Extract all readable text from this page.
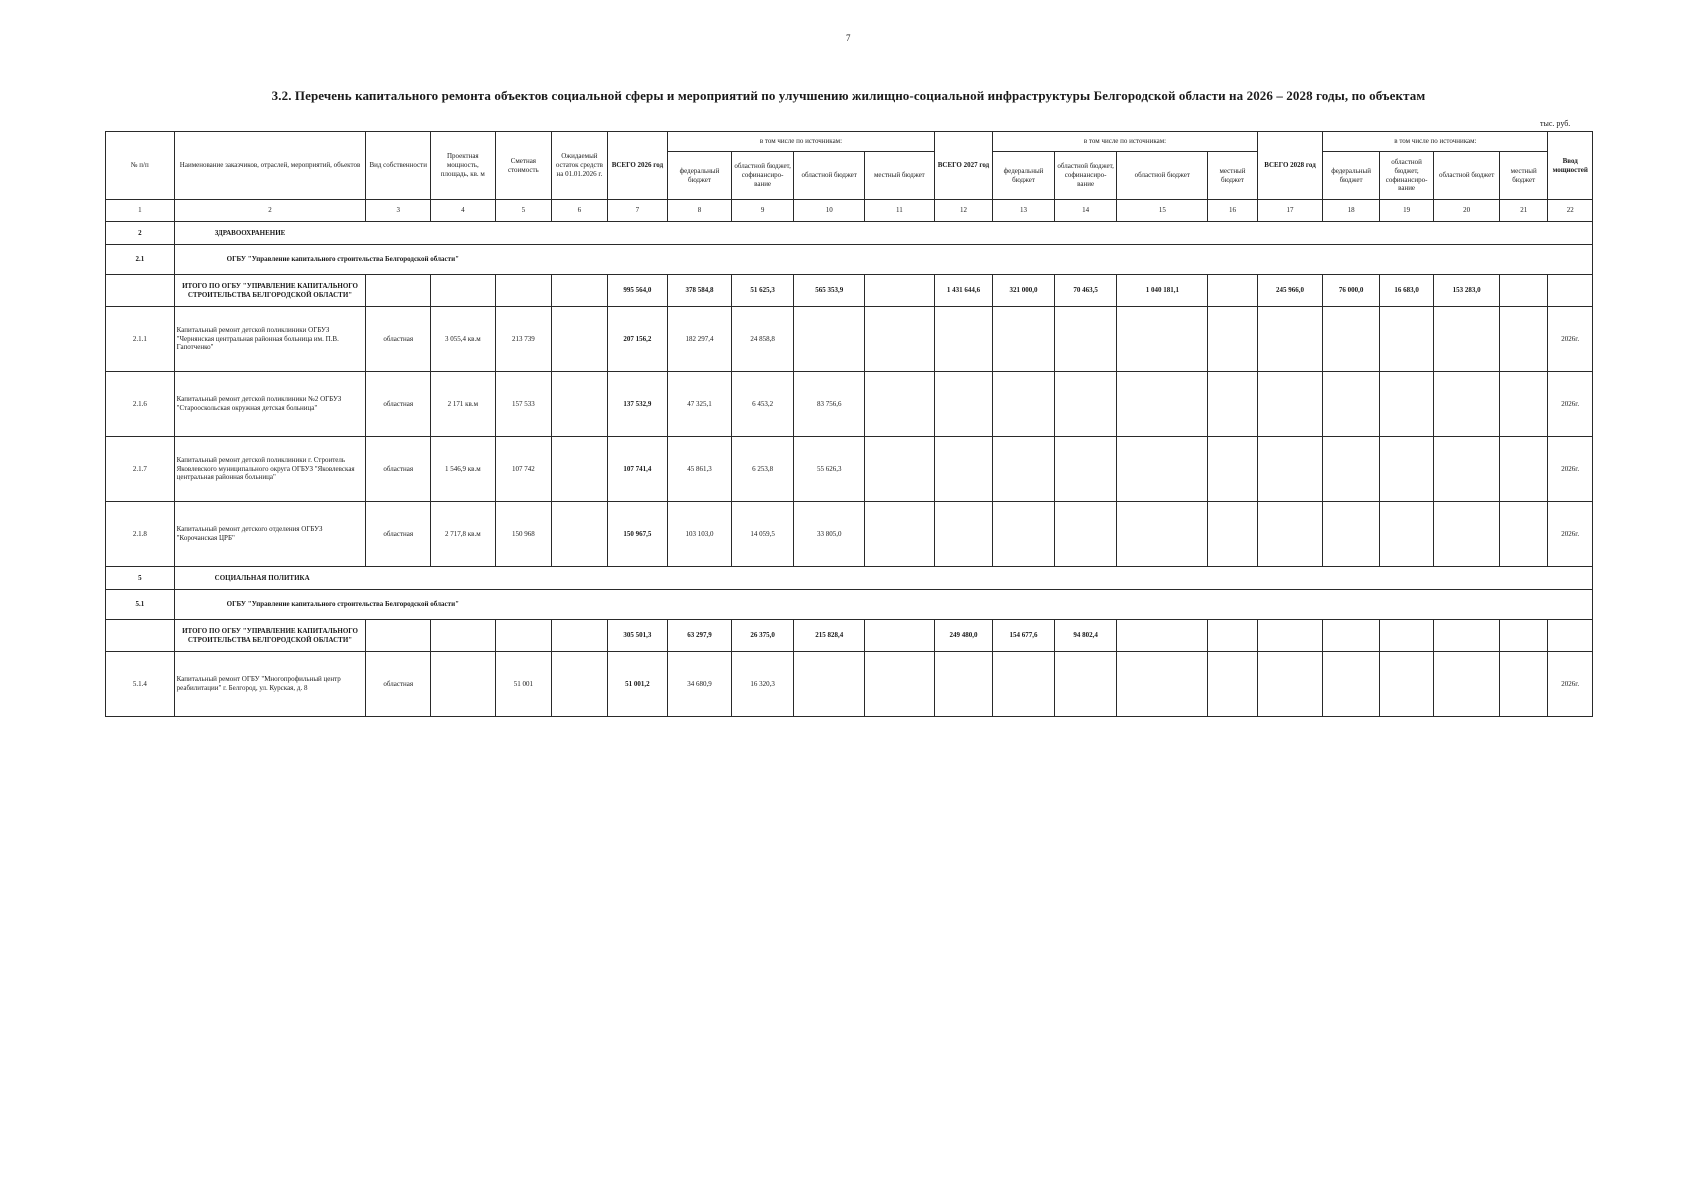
7
3.2. Перечень капитального ремонта объектов социальной сферы и мероприятий по улучшению жилищно-социальной инфраструктуры Белгородской области на 2026 – 2028 годы, по объектам
тыс. руб.
№ п/п	Наименование заказчиков, отраслей, мероприятий, объектов	Вид собственности	Проектная мощность, площадь, кв. м	Сметная стоимость	Ожидаемый остаток средств на 01.01.2026 г.	ВСЕГО 2026 год	в том числе по источникам:				ВСЕГО 2027 год	в том числе по источникам:				ВСЕГО 2028 год	в том числе по источникам:				Ввод мощностей
							федеральный бюджет	областной бюджет, софинансиро-вание	областной бюджет	местный бюджет		федеральный бюджет	областной бюджет, софинансиро-вание	областной бюджет	местный бюджет		федеральный бюджет	областной бюджет, софинансиро-вание	областной бюджет	местный бюджет	
1	2	3	4	5	6	7	8	9	10	11	12	13	14	15	16	17	18	19	20	21	22
2	ЗДРАВООХРАНЕНИЕ																				
2.1	ОГБУ "Управление капитального строительства Белгородской области"																				

	ИТОГО ПО ОГБУ "УПРАВЛЕНИЕ КАПИТАЛЬНОГО СТРОИТЕЛЬСТВА БЕЛГОРОДСКОЙ ОБЛАСТИ"					995 564,0	378 584,8	51 625,3	565 353,9		1 431 644,6	321 000,0	70 463,5	1 040 181,1		245 966,0	76 000,0	16 683,0	153 283,0		
2.1.1	Капитальный ремонт детской поликлиники ОГБУЗ "Чернянская центральная районная больница им. П.В. Гапотченко"	областная	3 055,4 кв.м	213 739		207 156,2	182 297,4	24 858,8													2026г.
2.1.6	Капитальный ремонт детской поликлиники №2 ОГБУЗ "Старооскольская окружная детская больница"	областная	2 171 кв.м	157 533		137 532,9	47 325,1	6 453,2	83 756,6												2026г.
2.1.7	Капитальный ремонт детской поликлиники г. Строитель Яковлевского муниципального округа ОГБУЗ "Яковлевская центральная районная больница"	областная	1 546,9 кв.м	107 742		107 741,4	45 861,3	6 253,8	55 626,3												2026г.
2.1.8	Капитальный ремонт детского отделения ОГБУЗ "Корочанская ЦРБ"	областная	2 717,8 кв.м	150 968		150 967,5	103 103,0	14 059,5	33 805,0												2026г.
5	СОЦИАЛЬНАЯ ПОЛИТИКА																				
5.1	ОГБУ "Управление капитального строительства Белгородской области"																				

	ИТОГО ПО ОГБУ "УПРАВЛЕНИЕ КАПИТАЛЬНОГО СТРОИТЕЛЬСТВА БЕЛГОРОДСКОЙ ОБЛАСТИ"					305 501,3	63 297,9	26 375,0	215 828,4		249 480,0	154 677,6	94 802,4								
5.1.4	Капитальный ремонт ОГБУ "Многопрофильный центр реабилитации" г. Белгород, ул. Курская, д. 8	областная		51 001		51 001,2	34 680,9	16 320,3													2026г.
